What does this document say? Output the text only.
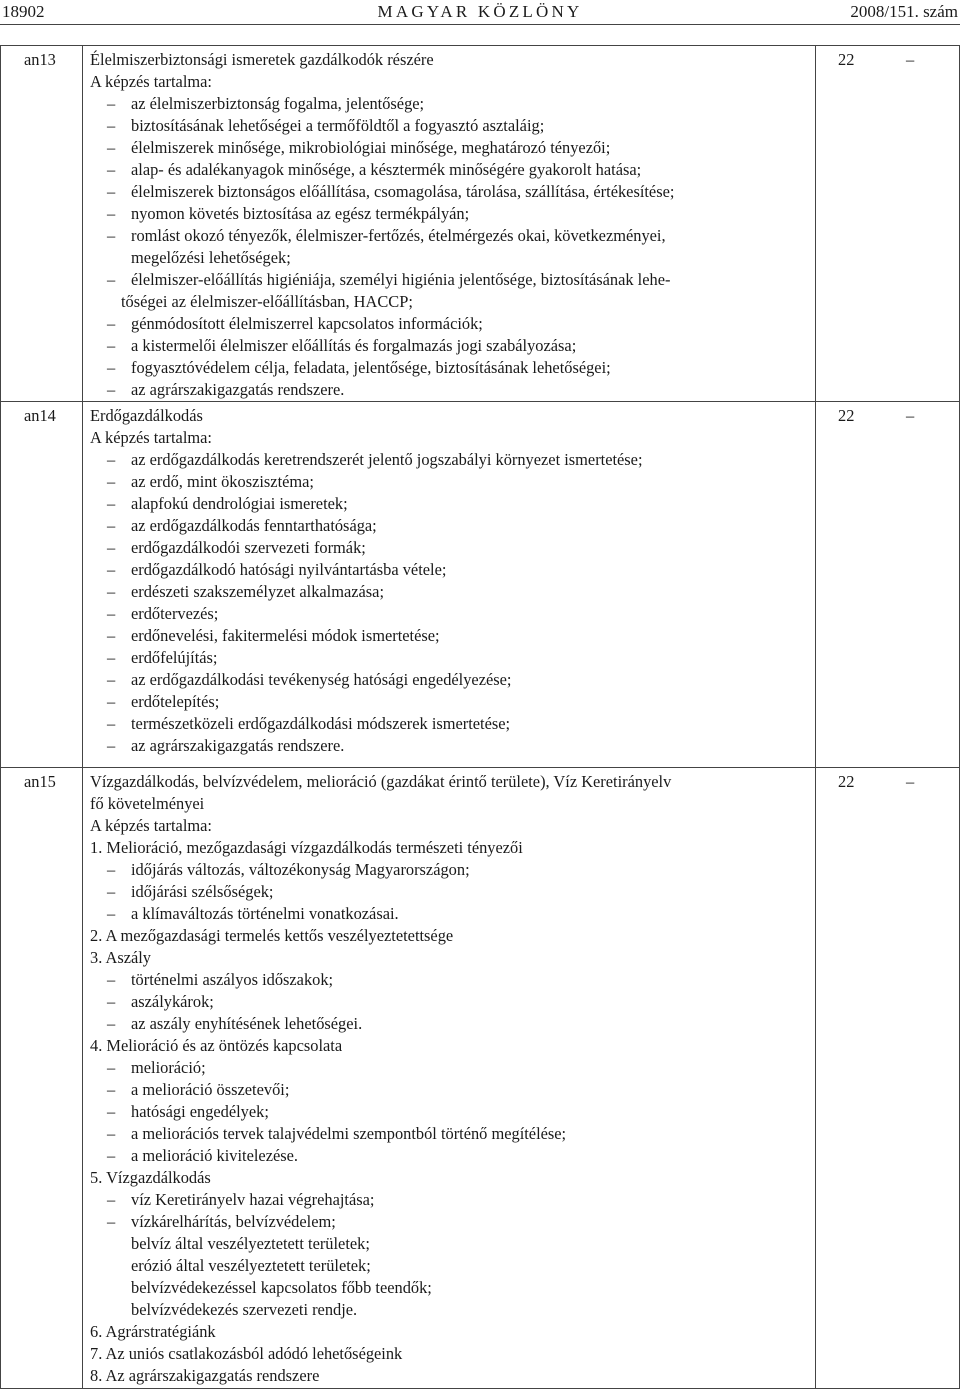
18902	MAGYAR KÖZLÖNY	2008/151. szám
an13	22	–
Élelmiszerbiztonsági ismeretek gazdálkodók részére
A képzés tartalma:
– az élelmiszerbiztonság fogalma, jelentősége;
– biztosításának lehetőségei a termőföldtől a fogyasztó asztaláig;
– élelmiszerek minősége, mikrobiológiai minősége, meghatározó tényezői;
– alap- és adalékanyagok minősége, a késztermék minőségére gyakorolt hatása;
– élelmiszerek biztonságos előállítása, csomagolása, tárolása, szállítása, értékesítése;
– nyomon követés biztosítása az egész termékpályán;
– romlást okozó tényezők, élelmiszer-fertőzés, ételmérgezés okai, következményei,
megelőzési lehetőségek;
– élelmiszer-előállítás higiéniája, személyi higiénia jelentősége, biztosításának lehe-
tőségei az élelmiszer-előállításban, HACCP;
– génmódosított élelmiszerrel kapcsolatos információk;
– a kistermelői élelmiszer előállítás és forgalmazás jogi szabályozása;
– fogyasztóvédelem célja, feladata, jelentősége, biztosításának lehetőségei;
– az agrárszakigazgatás rendszere.
an14	22	–
Erdőgazdálkodás
A képzés tartalma:
– az erdőgazdálkodás keretrendszerét jelentő jogszabályi környezet ismertetése;
– az erdő, mint ökoszisztéma;
– alapfokú dendrológiai ismeretek;
– az erdőgazdálkodás fenntarthatósága;
– erdőgazdálkodói szervezeti formák;
– erdőgazdálkodó hatósági nyilvántartásba vétele;
– erdészeti szakszemélyzet alkalmazása;
– erdőtervezés;
– erdőnevelési, fakitermelési módok ismertetése;
– erdőfelújítás;
– az erdőgazdálkodási tevékenység hatósági engedélyezése;
– erdőtelepítés;
– természetközeli erdőgazdálkodási módszerek ismertetése;
– az agrárszakigazgatás rendszere.
an15	22	–
Vízgazdálkodás, belvízvédelem, melioráció (gazdákat érintő területe), Víz Keretirányelv
fő követelményei
A képzés tartalma:
1. Melioráció, mezőgazdasági vízgazdálkodás természeti tényezői
– időjárás változás, változékonyság Magyarországon;
– időjárási szélsőségek;
– a klímaváltozás történelmi vonatkozásai.
2. A mezőgazdasági termelés kettős veszélyeztetettsége
3. Aszály
– történelmi aszályos időszakok;
– aszálykárok;
– az aszály enyhítésének lehetőségei.
4. Melioráció és az öntözés kapcsolata
– melioráció;
– a melioráció összetevői;
– hatósági engedélyek;
– a meliorációs tervek talajvédelmi szempontból történő megítélése;
– a melioráció kivitelezése.
5. Vízgazdálkodás
– víz Keretirányelv hazai végrehajtása;
– vízkárelhárítás, belvízvédelem;
belvíz által veszélyeztetett területek;
erózió által veszélyeztetett területek;
belvízvédekezéssel kapcsolatos főbb teendők;
belvízvédekezés szervezeti rendje.
6. Agrárstratégiánk
7. Az uniós csatlakozásból adódó lehetőségeink
8. Az agrárszakigazgatás rendszere
